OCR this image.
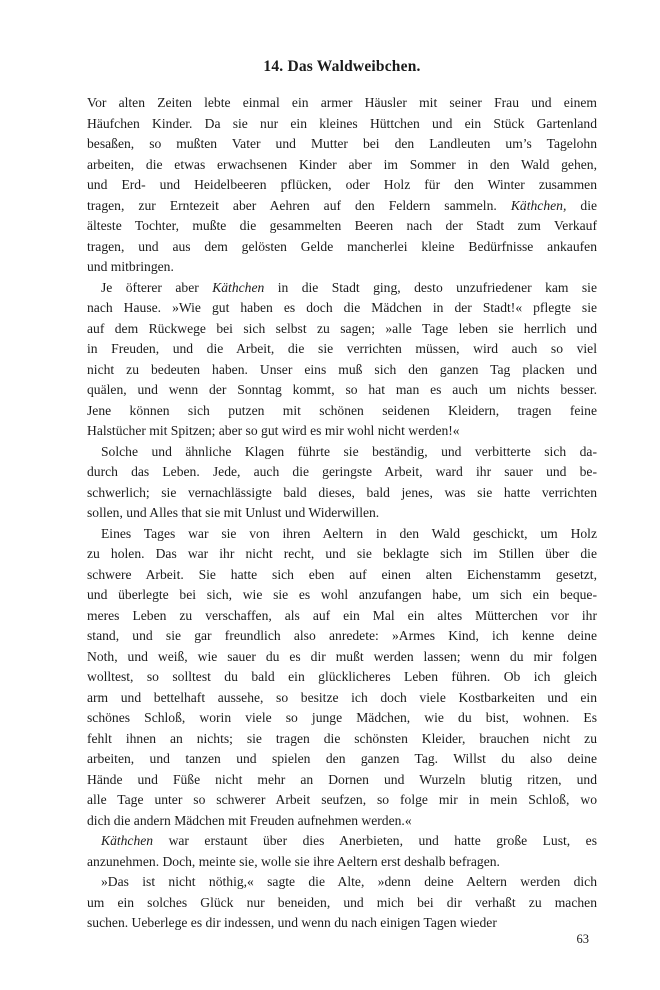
14. Das Waldweibchen.
Vor alten Zeiten lebte einmal ein armer Häusler mit seiner Frau und einem
Häufchen Kinder. Da sie nur ein kleines Hüttchen und ein Stück Gartenland
besaßen, so mußten Vater und Mutter bei den Landleuten um’s Tagelohn
arbeiten, die etwas erwachsenen Kinder aber im Sommer in den Wald gehen,
und Erd- und Heidelbeeren pflücken, oder Holz für den Winter zusammen
tragen, zur Erntezeit aber Aehren auf den Feldern sammeln. Käthchen, die
älteste Tochter, mußte die gesammelten Beeren nach der Stadt zum Verkauf
tragen, und aus dem gelösten Gelde mancherlei kleine Bedürfnisse ankaufen
und mitbringen.
Je öfterer aber Käthchen in die Stadt ging, desto unzufriedener kam sie
nach Hause. »Wie gut haben es doch die Mädchen in der Stadt!« pflegte sie
auf dem Rückwege bei sich selbst zu sagen; »alle Tage leben sie herrlich und
in Freuden, und die Arbeit, die sie verrichten müssen, wird auch so viel
nicht zu bedeuten haben. Unser eins muß sich den ganzen Tag placken und
quälen, und wenn der Sonntag kommt, so hat man es auch um nichts besser.
Jene können sich putzen mit schönen seidenen Kleidern, tragen feine
Halstücher mit Spitzen; aber so gut wird es mir wohl nicht werden!«
Solche und ähnliche Klagen führte sie beständig, und verbitterte sich da-
durch das Leben. Jede, auch die geringste Arbeit, ward ihr sauer und be-
schwerlich; sie vernachlässigte bald dieses, bald jenes, was sie hatte verrichten
sollen, und Alles that sie mit Unlust und Widerwillen.
Eines Tages war sie von ihren Aeltern in den Wald geschickt, um Holz
zu holen. Das war ihr nicht recht, und sie beklagte sich im Stillen über die
schwere Arbeit. Sie hatte sich eben auf einen alten Eichenstamm gesetzt,
und überlegte bei sich, wie sie es wohl anzufangen habe, um sich ein beque-
meres Leben zu verschaffen, als auf ein Mal ein altes Mütterchen vor ihr
stand, und sie gar freundlich also anredete: »Armes Kind, ich kenne deine
Noth, und weiß, wie sauer du es dir mußt werden lassen; wenn du mir folgen
wolltest, so solltest du bald ein glücklicheres Leben führen. Ob ich gleich
arm und bettelhaft aussehe, so besitze ich doch viele Kostbarkeiten und ein
schönes Schloß, worin viele so junge Mädchen, wie du bist, wohnen. Es
fehlt ihnen an nichts; sie tragen die schönsten Kleider, brauchen nicht zu
arbeiten, und tanzen und spielen den ganzen Tag. Willst du also deine
Hände und Füße nicht mehr an Dornen und Wurzeln blutig ritzen, und
alle Tage unter so schwerer Arbeit seufzen, so folge mir in mein Schloß, wo
dich die andern Mädchen mit Freuden aufnehmen werden.«
Käthchen war erstaunt über dies Anerbieten, und hatte große Lust, es
anzunehmen. Doch, meinte sie, wolle sie ihre Aeltern erst deshalb befragen.
»Das ist nicht nöthig,« sagte die Alte, »denn deine Aeltern werden dich
um ein solches Glück nur beneiden, und mich bei dir verhaßt zu machen
suchen. Ueberlege es dir indessen, und wenn du nach einigen Tagen wieder
63
